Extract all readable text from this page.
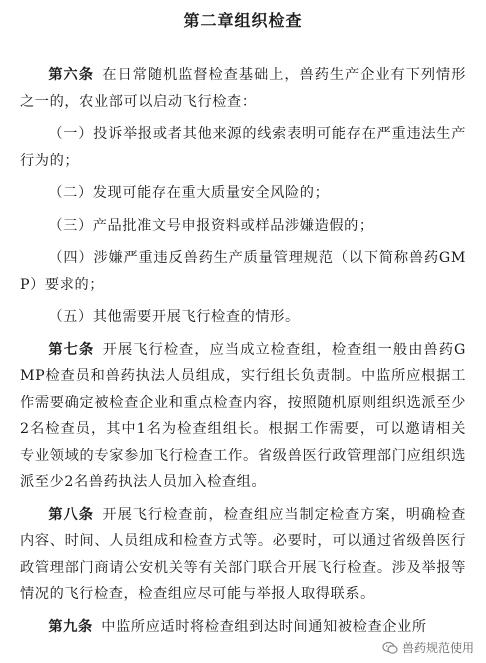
第二章组织检查

第六条 在日常随机监督检查基础上，兽药生产企业有下列情形之一的，农业部可以启动飞行检查：

（一）投诉举报或者其他来源的线索表明可能存在严重违法生产行为的；

（二）发现可能存在重大质量安全风险的；

（三）产品批准文号申报资料或样品涉嫌造假的；

（四）涉嫌严重违反兽药生产质量管理规范（以下简称兽药GMP）要求的；

（五）其他需要开展飞行检查的情形。

第七条 开展飞行检查，应当成立检查组，检查组一般由兽药GMP检查员和兽药执法人员组成，实行组长负责制。中监所应根据工作需要确定被检查企业和重点检查内容，按照随机原则组织选派至少2名检查员，其中1名为检查组组长。根据工作需要，可以邀请相关专业领域的专家参加飞行检查工作。省级兽医行政管理部门应组织选派至少2名兽药执法人员加入检查组。

第八条 开展飞行检查前，检查组应当制定检查方案，明确检查内容、时间、人员组成和检查方式等。必要时，可以通过省级兽医行政管理部门商请公安机关等有关部门联合开展飞行检查。涉及举报等情况的飞行检查，检查组应尽可能与举报人取得联系。

第九条 中监所应适时将检查组到达时间通知被检查企业所

兽药规范使用
